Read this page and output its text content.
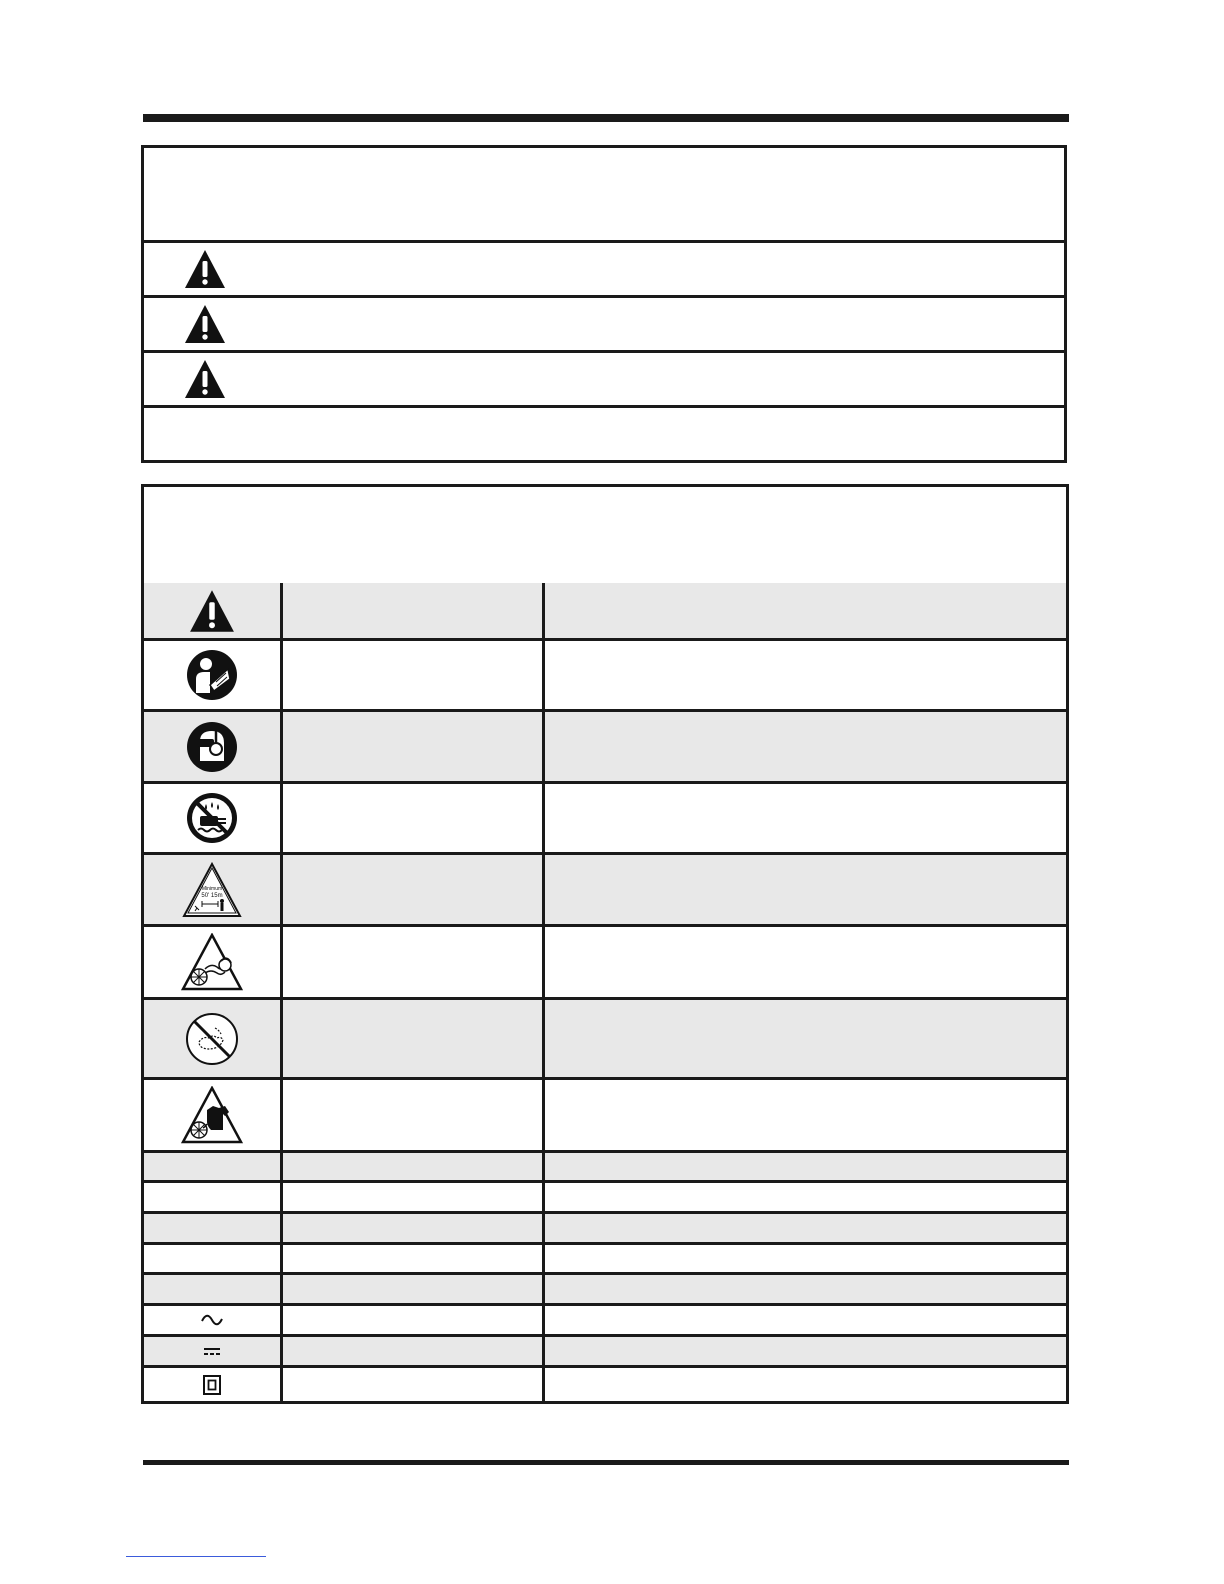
Minimum
50' 15m
